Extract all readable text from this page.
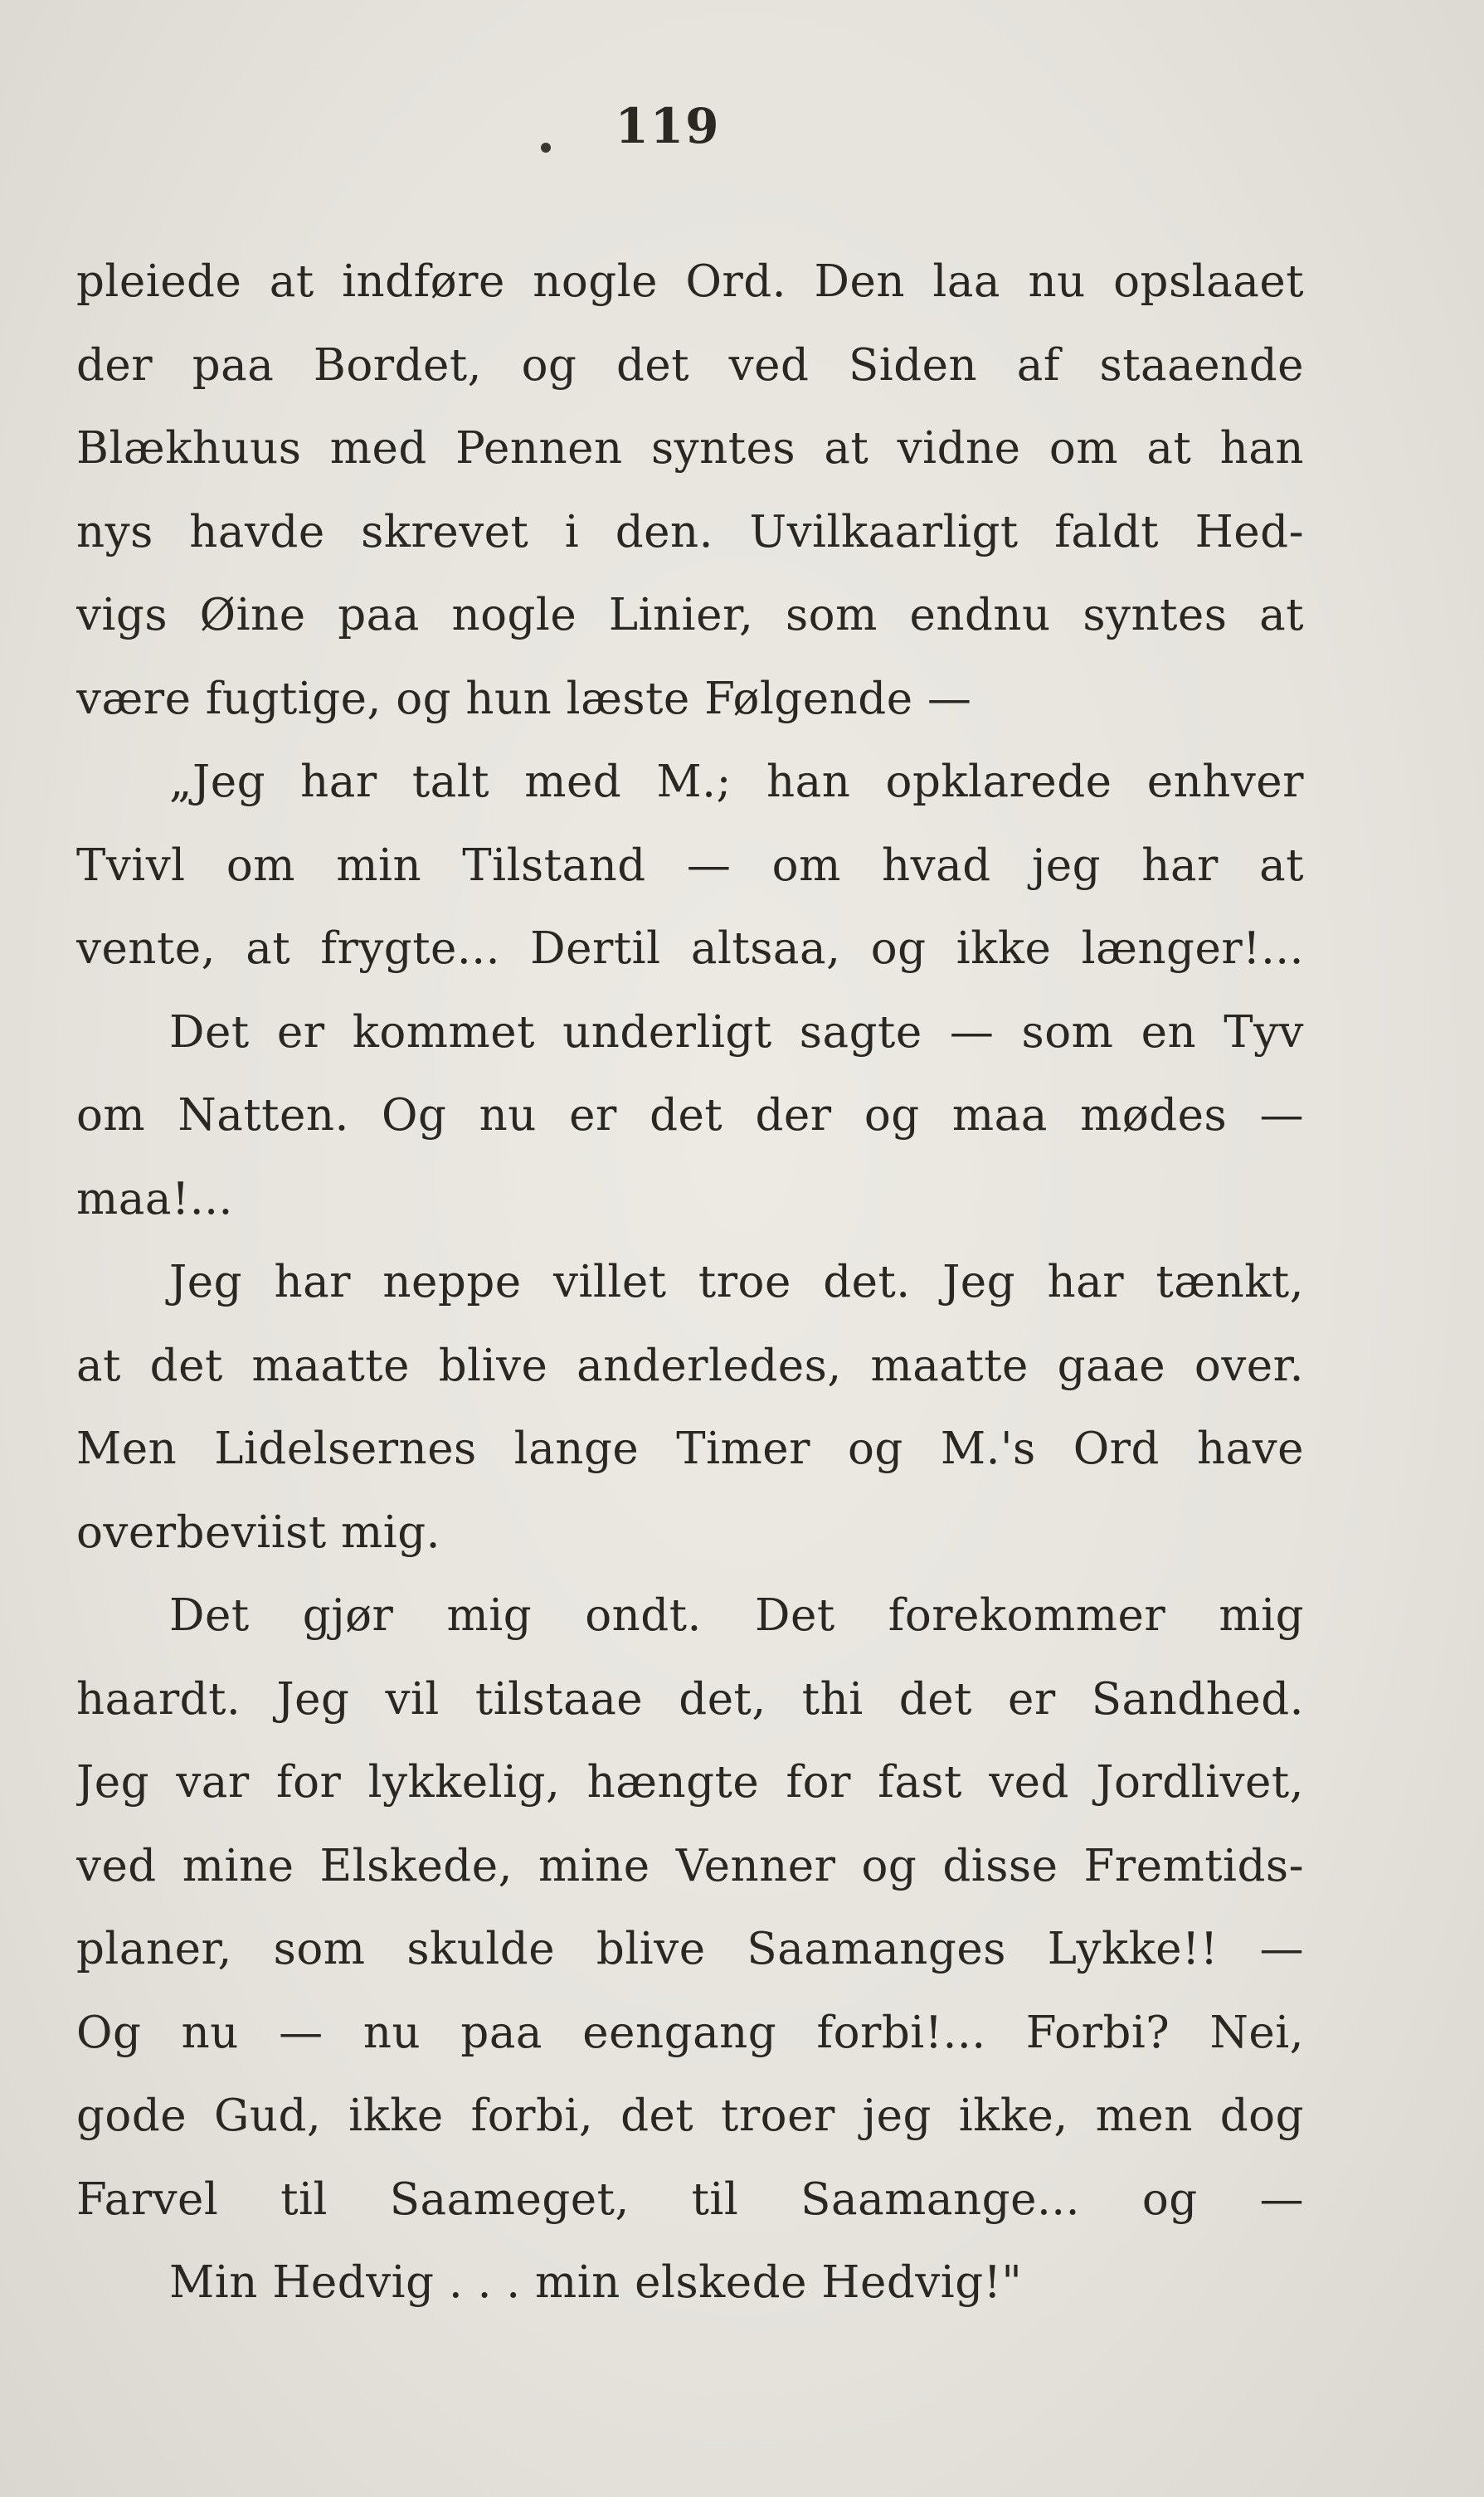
119
pleiede at indføre nogle Ord. Den laa nu opslaaet
der paa Bordet, og det ved Siden af staaende
Blækhuus med Pennen syntes at vidne om at han
nys havde skrevet i den. Uvilkaarligt faldt Hed-
vigs Øine paa nogle Linier, som endnu syntes at
være fugtige, og hun læste Følgende —
„Jeg har talt med M.; han opklarede enhver
Tvivl om min Tilstand — om hvad jeg har at
vente, at frygte... Dertil altsaa, og ikke længer!...
Det er kommet underligt sagte — som en Tyv
om Natten. Og nu er det der og maa mødes —
maa!...
Jeg har neppe villet troe det. Jeg har tænkt,
at det maatte blive anderledes, maatte gaae over.
Men Lidelsernes lange Timer og M.'s Ord have
overbeviist mig.
Det gjør mig ondt. Det forekommer mig
haardt. Jeg vil tilstaae det, thi det er Sandhed.
Jeg var for lykkelig, hængte for fast ved Jordlivet,
ved mine Elskede, mine Venner og disse Fremtids-
planer, som skulde blive Saamanges Lykke!! —
Og nu — nu paa eengang forbi!... Forbi? Nei,
gode Gud, ikke forbi, det troer jeg ikke, men dog
Farvel til Saameget, til Saamange... og —
Min Hedvig . . . min elskede Hedvig!"
